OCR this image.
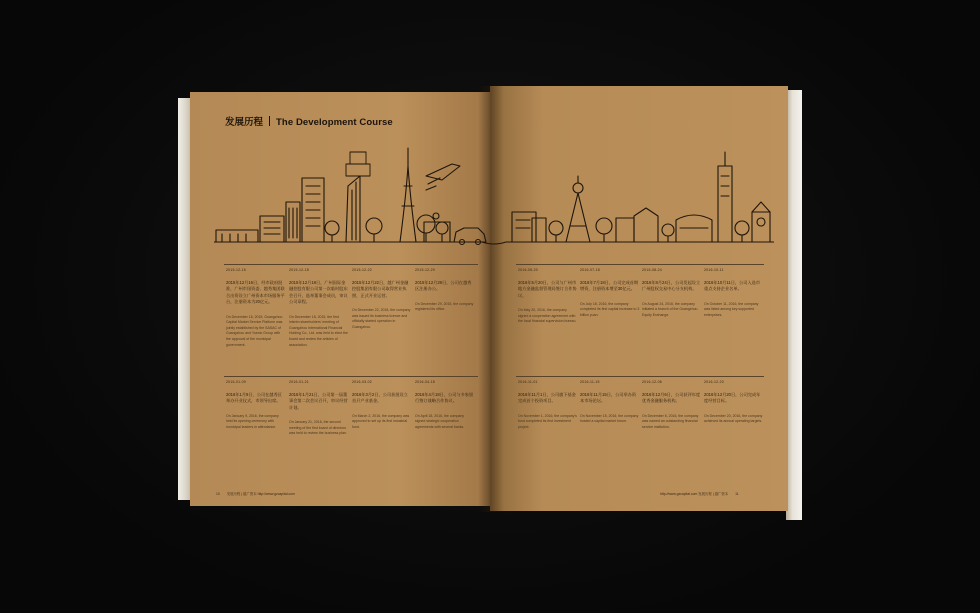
发展历程 The Development Course
2015-12-16
2015年12月16日，经市政府批准，广州市国资委、越秀集团联合出资设立广州资本市场服务平台，注册资本为20亿元。
On December 16, 2015, Guangzhou Capital Market Service Platform was jointly established by the SASAC of Guangzhou and Yuexiu Group with the approval of the municipal government.
2015-12-18
2015年12月18日，广州国际金融控股有限公司第一次临时股东会召开，选举董事会成员，审议公司章程。
On December 18, 2015, the first interim shareholders' meeting of Guangzhou International Financial Holding Co., Ltd. was held to elect the board and review the articles of association.
2015-12-22
2015年12月22日，越广州金融控股集团有限公司取得营业执照，正式开业运营。
On December 22, 2015, the company was issued its business licence and officially started operation in Guangzhou.
2015-12-29
2015年12月29日，公司在越秀区注册办公。
On December 29, 2015, the company registered its office.
2016-01-09
2016年1月9日，公司在越秀区举办开业仪式，市领导出席。
On January 9, 2016, the company held its opening ceremony with municipal leaders in attendance.
2016-01-21
2016年1月21日，公司第一届董事会第二次会议召开，审议经营计划。
On January 21, 2016, the second meeting of the first board of directors was held to review the business plan.
2016-03-02
2016年3月2日，公司获批设立首只产业基金。
On March 2, 2016, the company was approved to set up its first industrial fund.
2016-04-18
2016年4月18日，公司与多家银行签订战略合作协议。
On April 18, 2016, the company signed strategic cooperation agreements with several banks.
2016-05-20
2016年5月20日，公司与广州市地方金融监督管理局签订合作协议。
On May 20, 2016, the company signed a cooperation agreement with the local financial supervision bureau.
2016-07-18
2016年7月18日，公司完成首期增资，注册资本增至30亿元。
On July 18, 2016, the company completed its first capital increase to 3 billion yuan.
2016-08-24
2016年8月24日，公司发起设立广州股权交易中心分支机构。
On August 24, 2016, the company initiated a branch of the Guangzhou Equity Exchange.
2016-10-11
2016年10月11日，公司入选市重点支持企业名单。
On October 11, 2016, the company was listed among key supported enterprises.
2016-11-01
2016年11月1日，公司旗下基金完成首个投资项目。
On November 1, 2016, the company's fund completed its first investment project.
2016-11-15
2016年11月15日，公司举办资本市场论坛。
On November 15, 2016, the company hosted a capital market forum.
2016-12-06
2016年12月6日，公司获评年度优秀金融服务机构。
On December 6, 2016, the company was named an outstanding financial service institution.
2016-12-20
2016年12月20日，公司完成年度经营目标。
On December 20, 2016, the company achieved its annual operating targets.
10 发展历程 | 越广资本 http://www.gzcapital.com	http://www.gzcapital.com 发展历程 | 越广资本 11
